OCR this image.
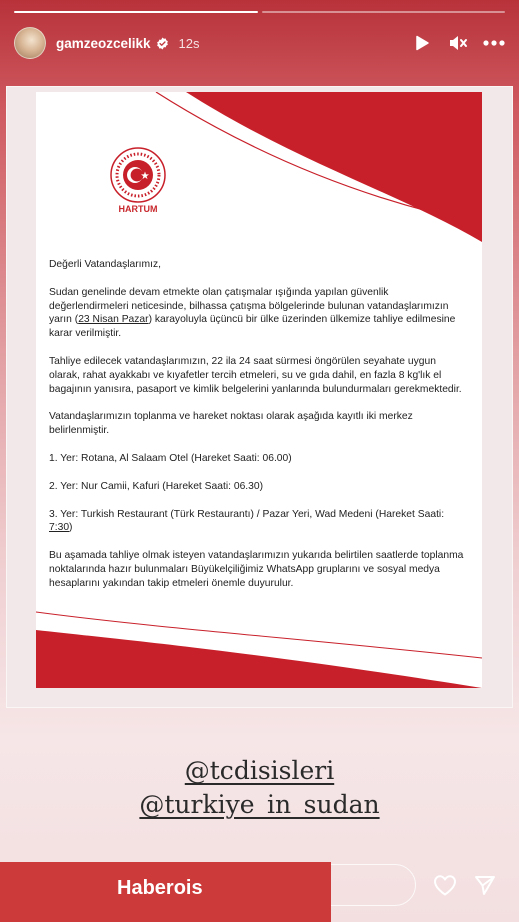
gamzeozcelikk 12s
HARTUM

Değerli Vatandaşlarımız,

Sudan genelinde devam etmekte olan çatışmalar ışığında yapılan güvenlik değerlendirmeleri neticesinde, bilhassa çatışma bölgelerinde bulunan vatandaşlarımızın yarın (23 Nisan Pazar) karayoluyla üçüncü bir ülke üzerinden ülkemize tahliye edilmesine karar verilmiştir.

Tahliye edilecek vatandaşlarımızın, 22 ila 24 saat sürmesi öngörülen seyahate uygun olarak, rahat ayakkabı ve kıyafetler tercih etmeleri, su ve gıda dahil, en fazla 8 kg'lık el bagajının yanısıra, pasaport ve kimlik belgelerini yanlarında bulundurmaları gerekmektedir.

Vatandaşlarımızın toplanma ve hareket noktası olarak aşağıda kayıtlı iki merkez belirlenmiştir.

1. Yer: Rotana, Al Salaam Otel (Hareket Saati: 06.00)

2. Yer: Nur Camii, Kafuri (Hareket Saati: 06.30)

3. Yer: Turkish Restaurant (Türk Restaurantı) / Pazar Yeri, Wad Medeni (Hareket Saati: 7:30)

Bu aşamada tahliye olmak isteyen vatandaşlarımızın yukarıda belirtilen saatlerde toplanma noktalarında hazır bulunmaları Büyükelçiliğimiz WhatsApp gruplarını ve sosyal medya hesaplarını yakından takip etmeleri önemle duyurulur.

@tcdisisleri
@turkiye_in_sudan
Haberois
